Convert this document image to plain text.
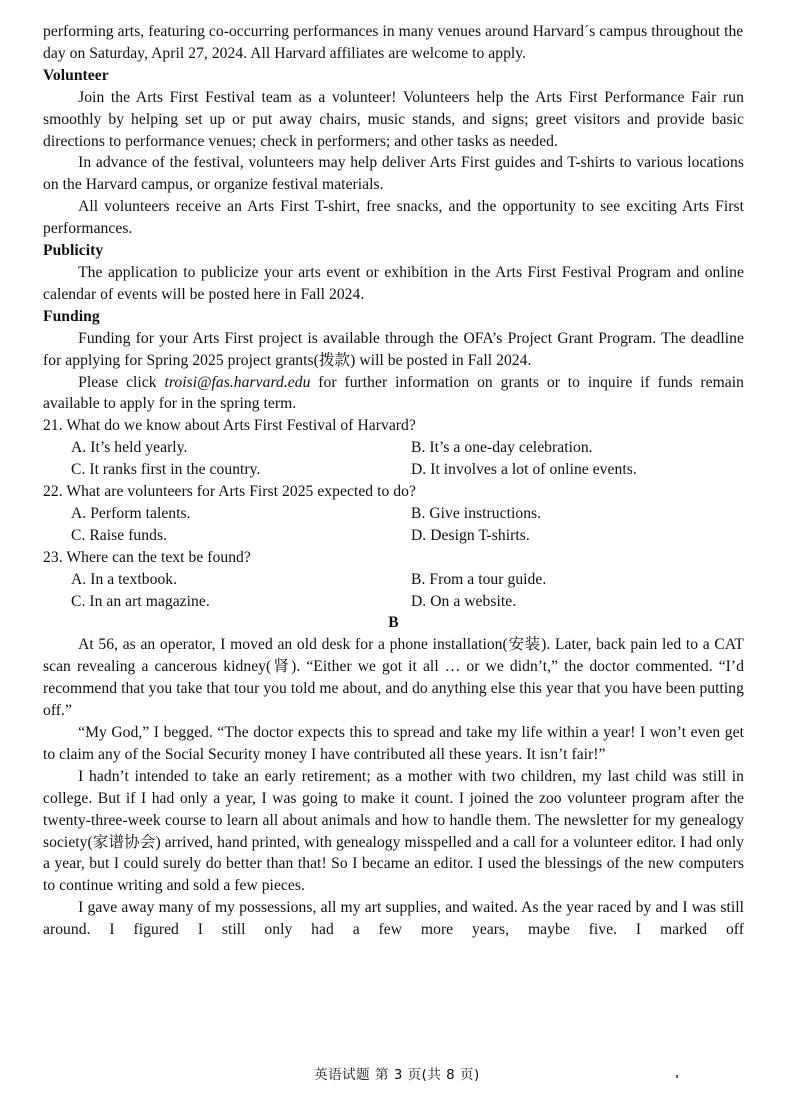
performing arts, featuring co-occurring performances in many venues around Harvard´s campus throughout the day on Saturday, April 27, 2024. All Harvard affiliates are welcome to apply.

Volunteer

Join the Arts First Festival team as a volunteer! Volunteers help the Arts First Performance Fair run smoothly by helping set up or put away chairs, music stands, and signs; greet visitors and provide basic directions to performance venues; check in performers; and other tasks as needed.

In advance of the festival, volunteers may help deliver Arts First guides and T-shirts to various locations on the Harvard campus, or organize festival materials.

All volunteers receive an Arts First T-shirt, free snacks, and the opportunity to see exciting Arts First performances.

Publicity

The application to publicize your arts event or exhibition in the Arts First Festival Program and online calendar of events will be posted here in Fall 2024.

Funding

Funding for your Arts First project is available through the OFA’s Project Grant Program. The deadline for applying for Spring 2025 project grants(拨款) will be posted in Fall 2024.

Please click troisi@fas.harvard.edu for further information on grants or to inquire if funds remain available to apply for in the spring term.

21. What do we know about Arts First Festival of Harvard?
A. It’s held yearly.	B. It’s a one-day celebration.
C. It ranks first in the country.	D. It involves a lot of online events.
22. What are volunteers for Arts First 2025 expected to do?
A. Perform talents.	B. Give instructions.
C. Raise funds.	D. Design T-shirts.
23. Where can the text be found?
A. In a textbook.	B. From a tour guide.
C. In an art magazine.	D. On a website.
B

At 56, as an operator, I moved an old desk for a phone installation(安装). Later, back pain led to a CAT scan revealing a cancerous kidney(肾). “Either we got it all … or we didn’t,” the doctor commented. “I’d recommend that you take that tour you told me about, and do anything else this year that you have been putting off.”

“My God,” I begged. “The doctor expects this to spread and take my life within a year! I won’t even get to claim any of the Social Security money I have contributed all these years. It isn’t fair!”

I hadn’t intended to take an early retirement; as a mother with two children, my last child was still in college. But if I had only a year, I was going to make it count. I joined the zoo volunteer program after the twenty-three-week course to learn all about animals and how to handle them. The newsletter for my genealogy society(家谱协会) arrived, hand printed, with genealogy misspelled and a call for a volunteer editor. I had only a year, but I could surely do better than that! So I became an editor. I used the blessings of the new computers to continue writing and sold a few pieces.

I gave away many of my possessions, all my art supplies, and waited. As the year raced by and I was still around. I figured I still only had a few more years, maybe five. I marked off

英语试题 第 3 页(共 8 页)
